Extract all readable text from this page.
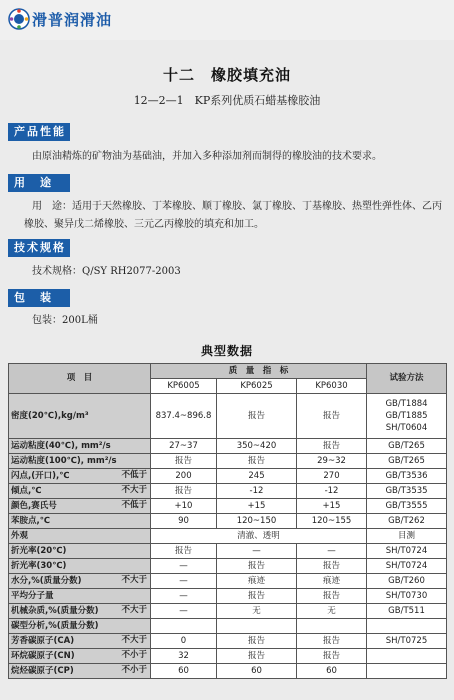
滑普润滑油
十二　橡胶填充油
12—2—1　KP系列优质石蜡基橡胶油
产品性能
由原油精炼的矿物油为基础油，并加入多种添加剂而制得的橡胶油的技术要求。
用　途
用　途：适用于天然橡胶、丁苯橡胶、顺丁橡胶、氯丁橡胶、丁基橡胶、热塑性弹性体、乙丙
橡胶、聚异戊二烯橡胶、三元乙丙橡胶的填充和加工。
技术规格
技术规格：Q/SY RH2077-2003
包　装
包装：200L桶
典型数据
项　目	质　量　指　标			试验方法
	KP6005	KP6025	KP6030	
密度(20℃),kg/m³	837.4~896.8	报告	报告	GB/T1884
GB/T1885
SH/T0604
运动粘度(40℃), mm²/s	27~37	350~420	报告	GB/T265
运动粘度(100℃), mm²/s	报告	报告	29~32	GB/T265
闪点,(开口),℃ 不低于	200	245	270	GB/T3536
倾点,℃ 不大于	报告	-12	-12	GB/T3535
颜色,赛氏号 不低于	+10	+15	+15	GB/T3555
苯胺点,℃	90	120~150	120~155	GB/T262
外观	清澈、透明			目测
折光率(20℃)	报告	—	—	SH/T0724
折光率(30℃)	—	报告	报告	SH/T0724
水分,%(质量分数) 不大于	—	痕迹	痕迹	GB/T260
平均分子量	—	报告	报告	SH/T0730
机械杂质,%(质量分数) 不大于	—	无	无	GB/T511
碳型分析,%(质量分数)				
芳香碳原子(CA) 不大于	0	报告	报告	SH/T0725
环烷碳原子(CN) 不小于	32	报告	报告	
烷烃碳原子(CP) 不小于	60	60	60	
